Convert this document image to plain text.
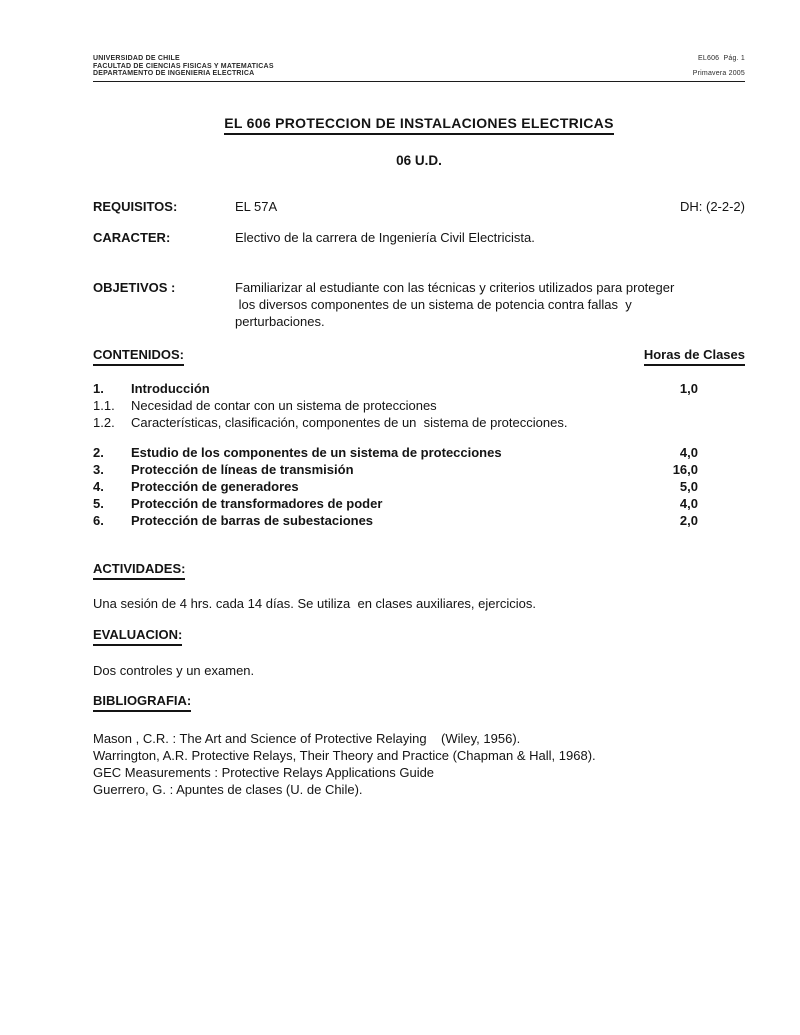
UNIVERSIDAD DE CHILE
FACULTAD DE CIENCIAS FISICAS Y MATEMATICAS
DEPARTAMENTO DE INGENIERIA ELECTRICA
EL606  Pág. 1
Primavera 2005
EL 606 PROTECCION DE INSTALACIONES ELECTRICAS
06 U.D.
REQUISITOS:	EL 57A	DH: (2-2-2)
CARACTER:	Electivo de la carrera de Ingeniería Civil Electricista.
OBJETIVOS :	Familiarizar al estudiante con las técnicas y criterios utilizados para proteger
los diversos componentes de un sistema de potencia contra fallas  y
perturbaciones.
CONTENIDOS:	Horas de Clases
1.	Introducción	1,0
1.1.	Necesidad de contar con un sistema de protecciones
1.2.	Características, clasificación, componentes de un  sistema de protecciones.
2.	Estudio de los componentes de un sistema de protecciones	4,0
3.	Protección de líneas de transmisión	16,0
4.	Protección de generadores	5,0
5.	Protección de transformadores de poder	4,0
6.	Protección de barras de subestaciones	2,0
ACTIVIDADES:
Una sesión de 4 hrs. cada 14 días. Se utiliza  en clases auxiliares, ejercicios.
EVALUACION:
Dos controles y un examen.
BIBLIOGRAFIA:
Mason , C.R. : The Art and Science of Protective Relaying    (Wiley, 1956).
Warrington, A.R. Protective Relays, Their Theory and Practice (Chapman & Hall, 1968).
GEC Measurements : Protective Relays Applications Guide
Guerrero, G. : Apuntes de clases (U. de Chile).
